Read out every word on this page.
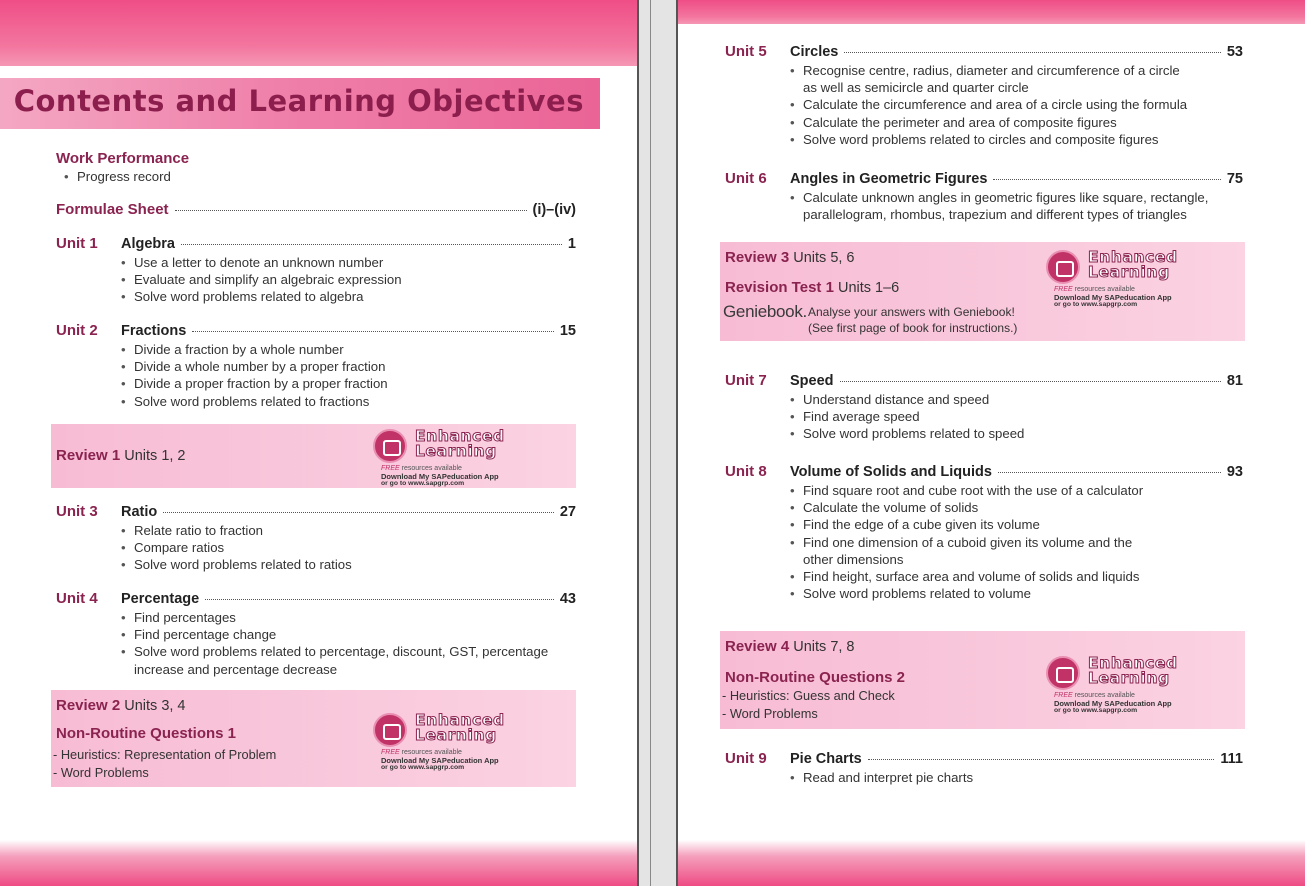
Contents and Learning Objectives
Work Performance
• Progress record
Formulae Sheet	(i)–(iv)
Unit 1	Algebra	1
• Use a letter to denote an unknown number
• Evaluate and simplify an algebraic expression
• Solve word problems related to algebra
Unit 2	Fractions	15
• Divide a fraction by a whole number
• Divide a whole number by a proper fraction
• Divide a proper fraction by a proper fraction
• Solve word problems related to fractions
Review 1 Units 1, 2
Enhanced
Learning
FREE resources available
Download My SAPeducation App
or go to www.sapgrp.com
Unit 3	Ratio	27
• Relate ratio to fraction
• Compare ratios
• Solve word problems related to ratios
Unit 4	Percentage	43
• Find percentages
• Find percentage change
• Solve word problems related to percentage, discount, GST, percentage
increase and percentage decrease
Review 2 Units 3, 4
Non-Routine Questions 1
- Heuristics: Representation of Problem
- Word Problems
Enhanced
Learning
FREE resources available
Download My SAPeducation App
or go to www.sapgrp.com
Unit 5	Circles	53
• Recognise centre, radius, diameter and circumference of a circle
as well as semicircle and quarter circle
• Calculate the circumference and area of a circle using the formula
• Calculate the perimeter and area of composite figures
• Solve word problems related to circles and composite figures
Unit 6	Angles in Geometric Figures	75
• Calculate unknown angles in geometric figures like square, rectangle,
parallelogram, rhombus, trapezium and different types of triangles
Review 3 Units 5, 6
Revision Test 1 Units 1–6
Geniebook. Analyse your answers with Geniebook!
(See first page of book for instructions.)
Enhanced
Learning
FREE resources available
Download My SAPeducation App
or go to www.sapgrp.com
Unit 7	Speed	81
• Understand distance and speed
• Find average speed
• Solve word problems related to speed
Unit 8	Volume of Solids and Liquids	93
• Find square root and cube root with the use of a calculator
• Calculate the volume of solids
• Find the edge of a cube given its volume
• Find one dimension of a cuboid given its volume and the
other dimensions
• Find height, surface area and volume of solids and liquids
• Solve word problems related to volume
Review 4 Units 7, 8
Non-Routine Questions 2
- Heuristics: Guess and Check
- Word Problems
Enhanced
Learning
FREE resources available
Download My SAPeducation App
or go to www.sapgrp.com
Unit 9	Pie Charts	111
• Read and interpret pie charts
